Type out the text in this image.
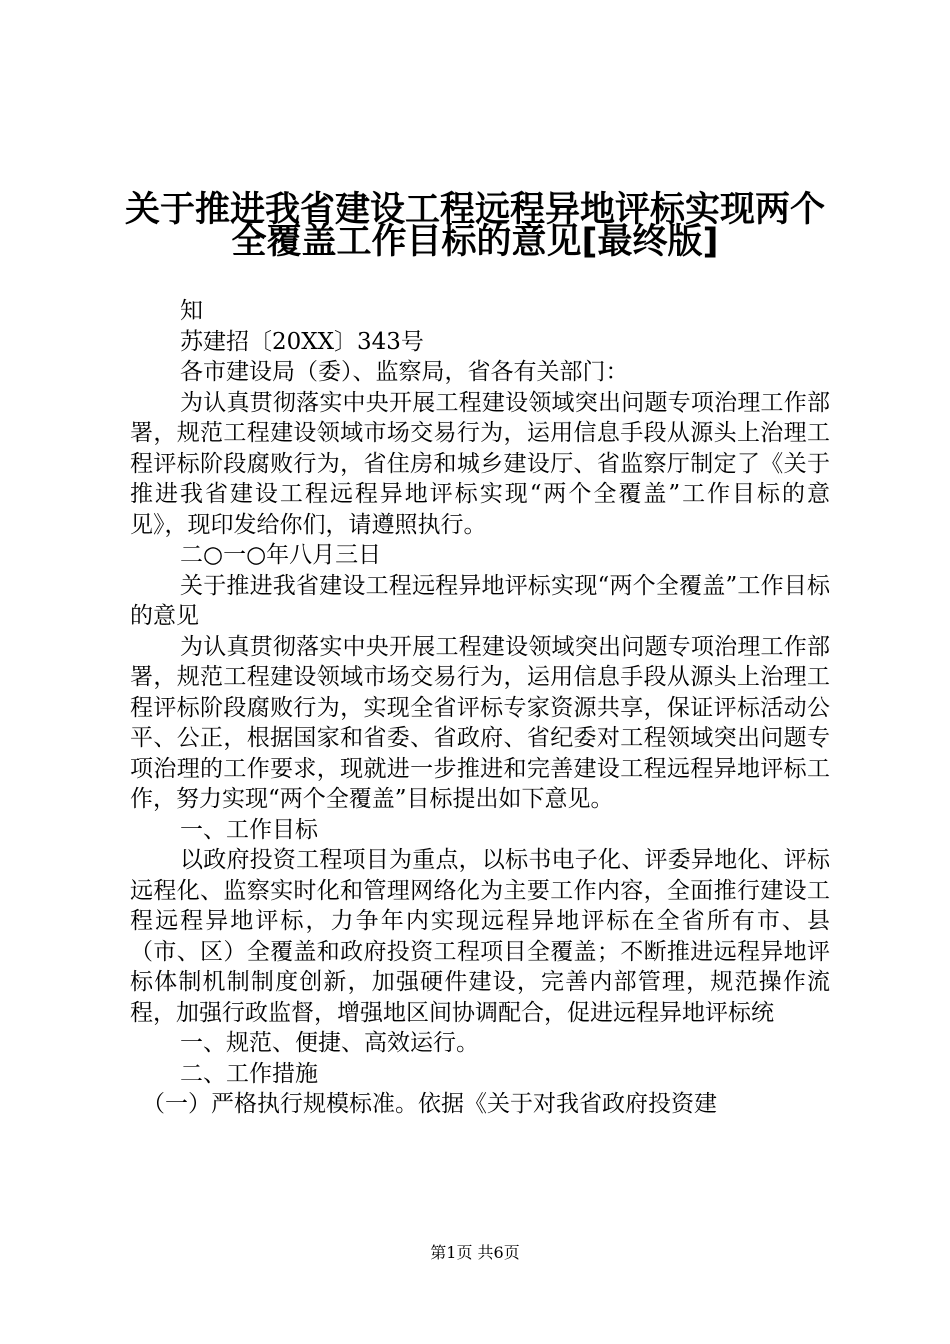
关于推进我省建设工程远程异地评标实现两个
全覆盖工作目标的意见[最终版]

知

苏建招〔20XX〕343号

各市建设局（委）、监察局，省各有关部门：

为认真贯彻落实中央开展工程建设领域突出问题专项治理工作部署，规范工程建设领域市场交易行为，运用信息手段从源头上治理工程评标阶段腐败行为，省住房和城乡建设厅、省监察厅制定了《关于推进我省建设工程远程异地评标实现“两个全覆盖”工作目标的意见》，现印发给你们，请遵照执行。

二○一○年八月三日

关于推进我省建设工程远程异地评标实现“两个全覆盖”工作目标的意见

为认真贯彻落实中央开展工程建设领域突出问题专项治理工作部署，规范工程建设领域市场交易行为，运用信息手段从源头上治理工程评标阶段腐败行为，实现全省评标专家资源共享，保证评标活动公平、公正，根据国家和省委、省政府、省纪委对工程领域突出问题专项治理的工作要求，现就进一步推进和完善建设工程远程异地评标工作，努力实现“两个全覆盖”目标提出如下意见。

一、工作目标

以政府投资工程项目为重点，以标书电子化、评委异地化、评标远程化、监察实时化和管理网络化为主要工作内容，全面推行建设工程远程异地评标，力争年内实现远程异地评标在全省所有市、县（市、区）全覆盖和政府投资工程项目全覆盖；不断推进远程异地评标体制机制制度创新，加强硬件建设，完善内部管理，规范操作流程，加强行政监督，增强地区间协调配合，促进远程异地评标统

一、规范、便捷、高效运行。

二、工作措施

（一）严格执行规模标准。依据《关于对我省政府投资建

第1页 共6页
